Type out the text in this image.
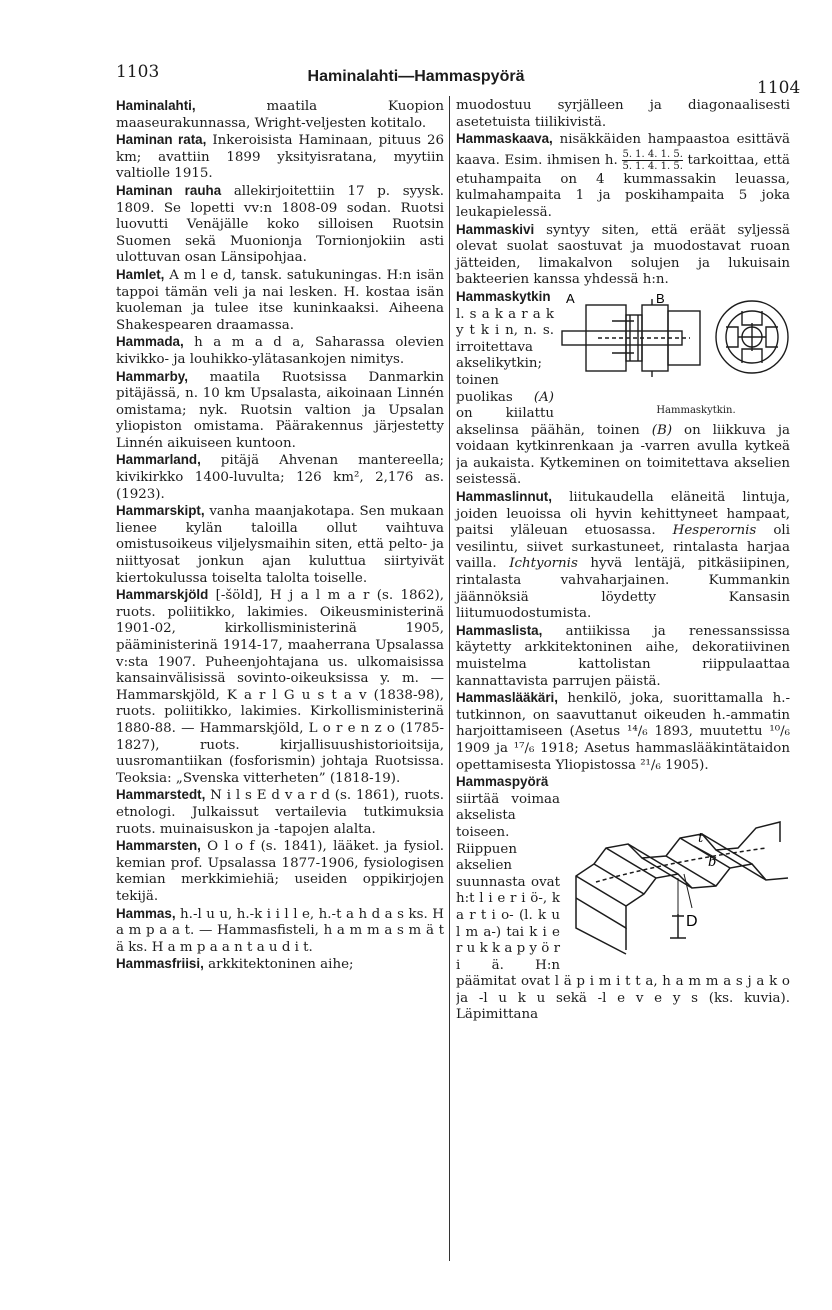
1103	Haminalahti—Hammaspyörä
1104

Haminalahti, maatila Kuopion maaseurakunnassa, Wright-veljesten kotitalo.

Haminan rata, Inkeroisista Haminaan, pituus 26 km; avattiin 1899 yksityisratana, myytiin valtiolle 1915.

Haminan rauha allekirjoitettiin 17 p. syysk. 1809. Se lopetti vv:n 1808-09 sodan. Ruotsi luovutti Venäjälle koko silloisen Ruotsin Suomen sekä Muonionja Tornionjokiin asti ulottuvan osan Länsipohjaa.

Hamlet, A m l e d, tansk. satukuningas. H:n isän tappoi tämän veli ja nai lesken. H. kostaa isän kuoleman ja tulee itse kuninkaaksi. Aiheena Shakespearen draamassa.

Hammada, h a m a d a, Saharassa olevien kivikko- ja louhikko-ylätasankojen nimitys.

Hammarby, maatila Ruotsissa Danmarkin pitäjässä, n. 10 km Upsalasta, aikoinaan Linnén omistama; nyk. Ruotsin valtion ja Upsalan yliopiston omistama. Päärakennus järjestetty Linnén aikuiseen kuntoon.

Hammarland, pitäjä Ahvenan mantereella; kivikirkko 1400-luvulta; 126 km², 2,176 as. (1923).

Hammarskipt, vanha maanjakotapa. Sen mukaan lienee kylän taloilla ollut vaihtuva omistusoikeus viljelysmaihin siten, että pelto- ja niittyosat jonkun ajan kuluttua siirtyivät kiertokulussa toiselta talolta toiselle.

Hammarskjöld [-šöld], H j a l m a r (s. 1862), ruots. poliitikko, lakimies. Oikeusministerinä 1901-02, kirkollisministerinä 1905, pääministerinä 1914-17, maaherrana Upsalassa v:sta 1907. Puheenjohtajana us. ulkomaisissa kansainvälisissä sovinto-oikeuksissa y. m. — Hammarskjöld, K a r l G u s t a v (1838-98), ruots. poliitikko, lakimies. Kirkollisministerinä 1880-88. — Hammarskjöld, L o r e n z o (1785-1827), ruots. kirjallisuushistorioitsija, uusromantiikan (fosforismin) johtaja Ruotsissa. Teoksia: „Svenska vitterheten” (1818-19).

Hammarstedt, N i l s E d v a r d (s. 1861), ruots. etnologi. Julkaissut vertailevia tutkimuksia ruots. muinaisuskon ja -tapojen alalta.

Hammarsten, O l o f (s. 1841), lääket. ja fysiol. kemian prof. Upsalassa 1877-1906, fysiologisen kemian merkkimiehiä; useiden oppikirjojen tekijä.

Hammas, h.-l u u, h.-k i i l l e, h.-t a h d a s ks. H a m p a a t. — Hammasfisteli, h a m m a s m ä t ä ks. H a m p a a n t a u d i t.

Hammasfriisi, arkkitektoninen aihe;

muodostuu syrjälleen ja diagonaalisesti asetetuista tiilikivistä.

Hammaskaava, nisäkkäiden hampaastoa esittävä kaava. Esim. ihmisen h. $\frac{5. 1. 4. 1. 5.}{5. 1. 4. 1. 5.}$ tarkoittaa, että etuhampaita on 4 kummassakin leuassa, kulmahampaita 1 ja poskihampaita 5 joka leukapielessä.

Hammaskivi syntyy siten, että eräät syljessä olevat suolat saostuvat ja muodostavat ruoan jätteiden, limakalvon solujen ja lukuisain bakteerien kanssa yhdessä h:n.

A	B
Hammaskytkin.

Hammaskytkin l. s a k a r a k y t k i n, n. s. irroitettava akselikytkin; toinen puolikas (A) on kiilattu akselinsa päähän, toinen (B) on liikkuva ja voidaan kytkinrenkaan ja -varren avulla kytkeä ja aukaista. Kytkeminen on toimitettava akselien seistessä.

Hammaslinnut, liitukaudella eläneitä lintuja, joiden leuoissa oli hyvin kehittyneet hampaat, paitsi yläleuan etuosassa. Hesperornis oli vesilintu, siivet surkastuneet, rintalasta harjaa vailla. Ichtyornis hyvä lentäjä, pitkäsiipinen, rintalasta vahvaharjainen. Kummankin jäännöksiä löydetty Kansasin liitumuodostumista.

Hammaslista, antiikissa ja renessanssissa käytetty arkkitektoninen aihe, dekoratiivinen muistelma kattolistan riippulaattaa kannattavista parrujen päistä.

Hammaslääkäri, henkilö, joka, suorittamalla h.-tutkinnon, on saavuttanut oikeuden h.-ammatin harjoittamiseen (Asetus ¹⁴/₆ 1893, muutettu ¹⁰/₆ 1909 ja ¹⁷/₆ 1918; Asetus hammaslääkintätaidon opettamisesta Yliopistossa ²¹/₆ 1905).

t
b
D

Hammaspyörä siirtää voimaa akselista toiseen. Riippuen akselien suunnasta ovat h:t l i e r i ö-, k a r t i o- (l. k u l m a-) tai k i e r u k k a p y ö r i ä. H:n päämitat ovat l ä p i m i t t a, h a m m a s j a k o ja -l u k u sekä -l e v e y s (ks. kuvia). Läpimittana
